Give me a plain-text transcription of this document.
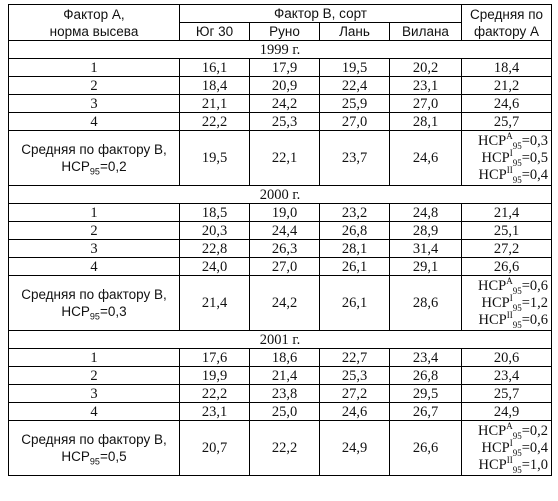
Фактор А,
норма высева	Фактор В, сорт				Средняя по
фактору А

	Юг 30	Руно	Лань	Вилана	
1999 г.					
1	16,1	17,9	19,5	20,2	18,4
2	18,4	20,9	22,4	23,1	21,2
3	21,1	24,2	25,9	27,0	24,6
4	22,2	25,3	27,0	28,1	25,7

Средняя по фактору В,
$НСР_{95}=0,2$	19,5	22,1	23,7	24,6	$НСР^A_{95}=0,3$
$НСР^I_{95}=0,5$
$НСР^{II}_{95}=0,4$

2000 г.					
1	18,5	19,0	23,2	24,8	21,4
2	20,3	24,4	26,8	28,9	25,1
3	22,8	26,3	28,1	31,4	27,2
4	24,0	27,0	26,1	29,1	26,6

Средняя по фактору В,
$НСР_{95}=0,3$	21,4	24,2	26,1	28,6	$НСР^A_{95}=0,6$
$НСР^I_{95}=1,2$
$НСР^{II}_{95}=0,6$

2001 г.					
1	17,6	18,6	22,7	23,4	20,6
2	19,9	21,4	25,3	26,8	23,4
3	22,2	23,8	27,2	29,5	25,7
4	23,1	25,0	24,6	26,7	24,9

Средняя по фактору В,
$НСР_{95}=0,5$	20,7	22,2	24,9	26,6	$НСР^A_{95}=0,2$
$НСР^I_{95}=0,4$
$НСР^{II}_{95}=1,0$
